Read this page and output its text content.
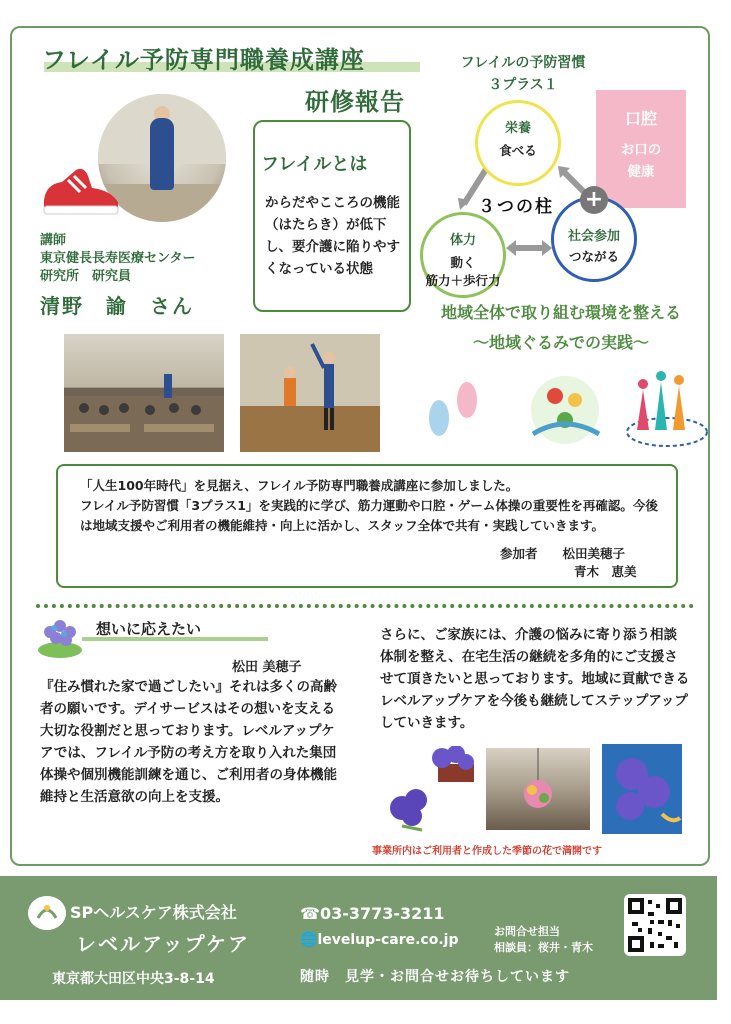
フレイル予防専門職養成講座
研修報告
講師
東京健長長寿医療センター
研究所　研究員
清野　諭　さん
フレイルとは
からだやこころの機能（はたらき）が低下し、要介護に陥りやすくなっている状態
フレイルの予防習慣
３プラス１
口腔
お口の
健康
栄養
食べる
体力
動く
筋力＋歩行力
社会参加
つながる
３つの柱 +
地域全体で取り組む環境を整える
〜地域ぐるみでの実践〜
「人生100年時代」を見据え、フレイル予防専門職養成講座に参加しました。
フレイル予防習慣「3プラス1」を実践的に学び、筋力運動や口腔・ゲーム体操の重要性を再確認。今後は地域支援やご利用者の機能維持・向上に活かし、スタッフ全体で共有・実践していきます。
参加者　　 松田美穂子
青木　恵美
想いに応えたい
松田 美穂子
『住み慣れた家で過ごしたい』それは多くの高齢者の願いです。デイサービスはその想いを支える大切な役割だと思っております。レベルアップケアでは、フレイル予防の考え方を取り入れた集団体操や個別機能訓練を通じ、ご利用者の身体機能維持と生活意欲の向上を支援。
さらに、ご家族には、介護の悩みに寄り添う相談体制を整え、在宅生活の継続を多角的にご支援させて頂きたいと思っております。地域に貢献できるレベルアップケアを今後も継続してステップアップしていきます。
事業所内はご利用者と作成した季節の花で満開です
SPヘルスケア株式会社
レベルアップケア
東京都大田区中央3-8-14
☎03-3773-3211
🌐levelup-care.co.jp
お問合せ担当
相談員：桜井・青木
随時　見学・お問合せお待ちしています
